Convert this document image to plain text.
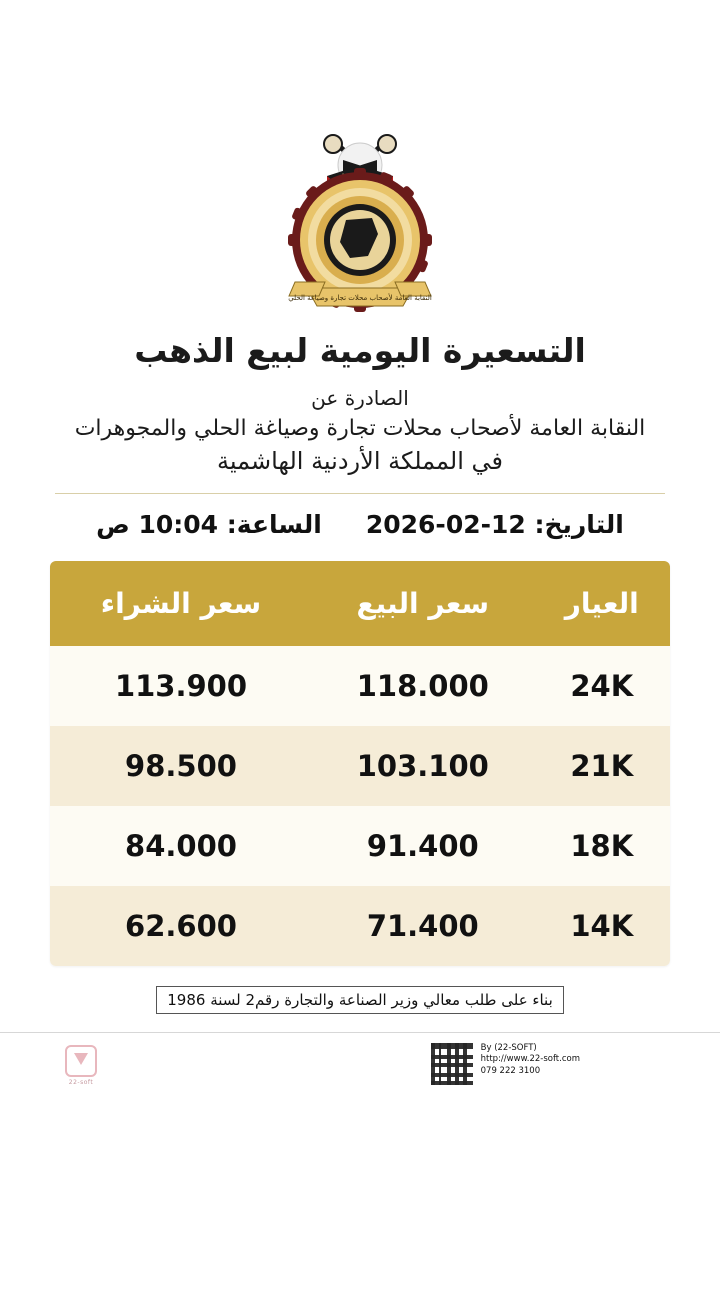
النقابة العامة لأصحاب محلات تجارة وصياغة الحلي
التسعيرة اليومية لبيع الذهب
الصادرة عن
النقابة العامة لأصحاب محلات تجارة وصياغة الحلي والمجوهرات
في المملكة الأردنية الهاشمية
التاريخ: 12-02-2026
الساعة: 10:04 ص
العيار	سعر البيع	سعر الشراء
24K	118.000	113.900
21K	103.100	98.500
18K	91.400	84.000
14K	71.400	62.600
بناء على طلب معالي وزير الصناعة والتجارة رقم2 لسنة 1986
22-soft
By (22-SOFT)
http://www.22-soft.com
079 222 3100
